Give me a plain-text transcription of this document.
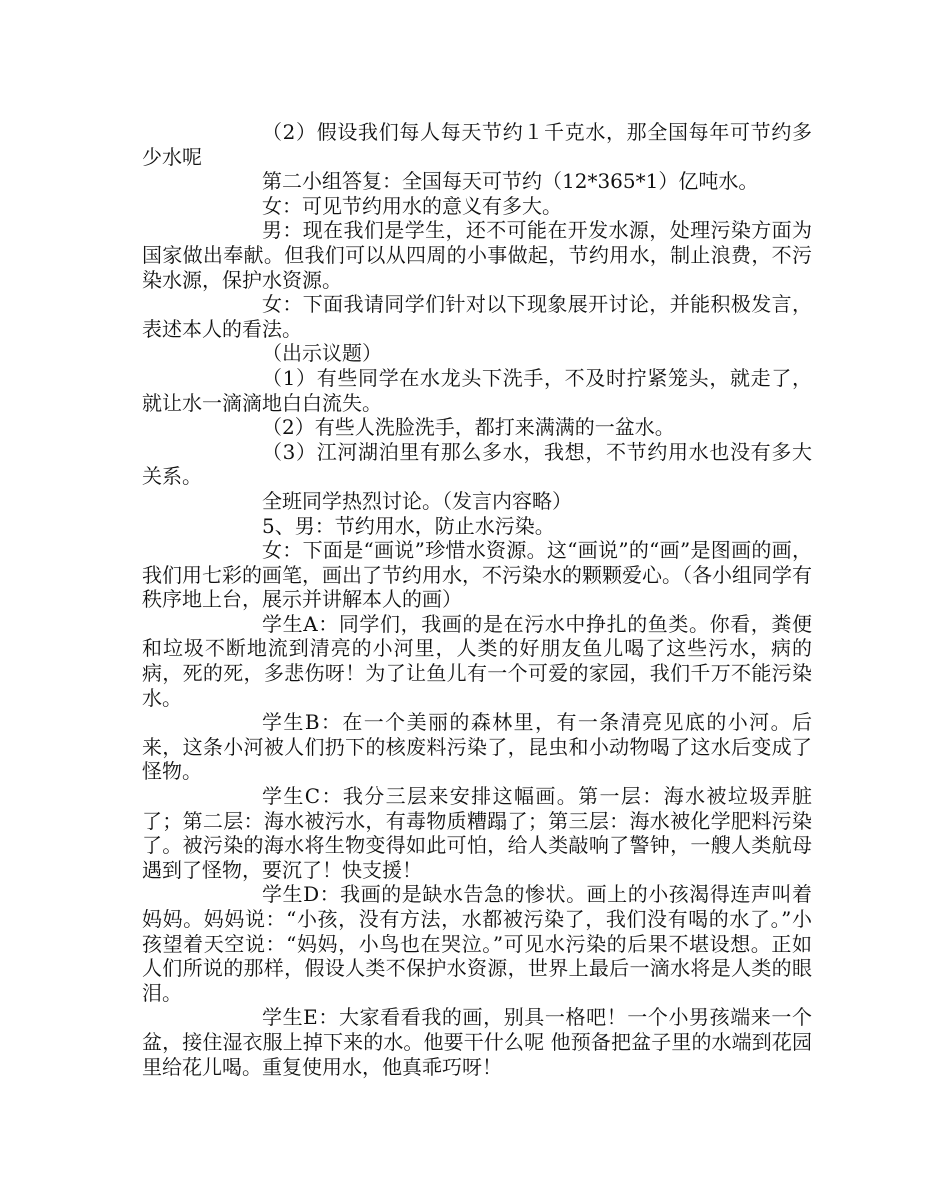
（2）假设我们每人每天节约１千克水，那全国每年可节约多少水呢

第二小组答复：全国每天可节约（12*365*1）亿吨水。

女：可见节约用水的意义有多大。

男：现在我们是学生，还不可能在开发水源，处理污染方面为国家做出奉献。但我们可以从四周的小事做起，节约用水，制止浪费，不污染水源，保护水资源。

女：下面我请同学们针对以下现象展开讨论，并能积极发言，表述本人的看法。

（出示议题）

（1）有些同学在水龙头下洗手，不及时拧紧笼头，就走了，就让水一滴滴地白白流失。

（2）有些人洗脸洗手，都打来满满的一盆水。

（3）江河湖泊里有那么多水，我想，不节约用水也没有多大关系。

全班同学热烈讨论。（发言内容略）

5、男：节约用水，防止水污染。

女：下面是“画说”珍惜水资源。这“画说”的“画”是图画的画，我们用七彩的画笔，画出了节约用水，不污染水的颗颗爱心。（各小组同学有秩序地上台，展示并讲解本人的画）

学生A：同学们，我画的是在污水中挣扎的鱼类。你看，粪便和垃圾不断地流到清亮的小河里，人类的好朋友鱼儿喝了这些污水，病的病，死的死，多悲伤呀！为了让鱼儿有一个可爱的家园，我们千万不能污染水。

学生B：在一个美丽的森林里，有一条清亮见底的小河。后来，这条小河被人们扔下的核废料污染了，昆虫和小动物喝了这水后变成了怪物。

学生C：我分三层来安排这幅画。第一层：海水被垃圾弄脏了；第二层：海水被污水，有毒物质糟蹋了；第三层：海水被化学肥料污染了。被污染的海水将生物变得如此可怕，给人类敲响了警钟，一艘人类航母遇到了怪物，要沉了！快支援！

学生D：我画的是缺水告急的惨状。画上的小孩渴得连声叫着妈妈。妈妈说：“小孩，没有方法，水都被污染了，我们没有喝的水了。”小孩望着天空说：“妈妈，小鸟也在哭泣。”可见水污染的后果不堪设想。正如人们所说的那样，假设人类不保护水资源，世界上最后一滴水将是人类的眼泪。

学生E：大家看看我的画，别具一格吧！一个小男孩端来一个盆，接住湿衣服上掉下来的水。他要干什么呢 他预备把盆子里的水端到花园里给花儿喝。重复使用水，他真乖巧呀！
